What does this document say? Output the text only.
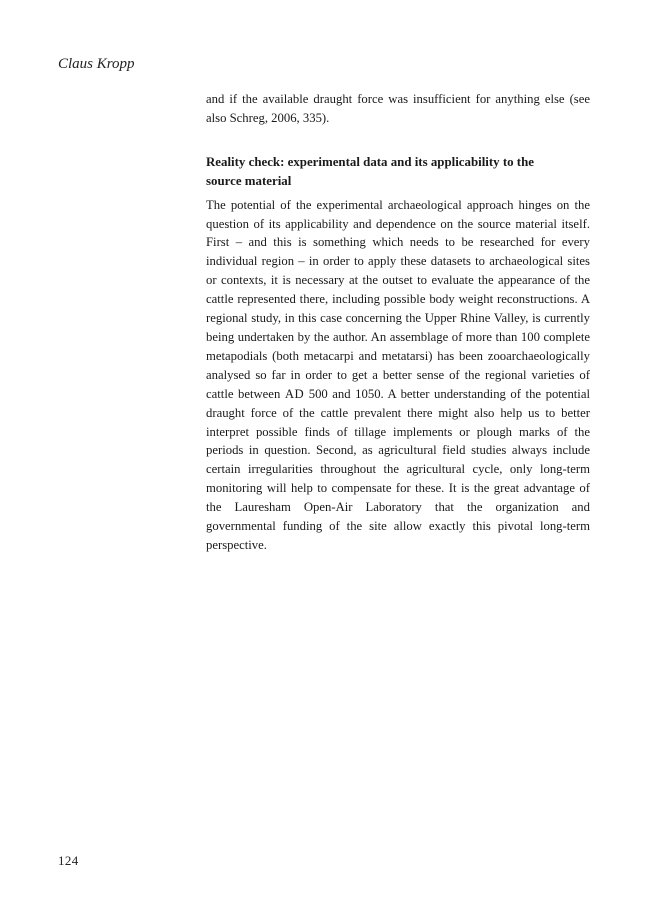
Claus Kropp

and if the available draught force was insufficient for anything else (see also Schreg, 2006, 335).

Reality check: experimental data and its applicability to the source material

The potential of the experimental archaeological approach hinges on the question of its applicability and dependence on the source material itself. First – and this is something which needs to be researched for every individual region – in order to apply these datasets to archaeological sites or contexts, it is necessary at the outset to evaluate the appearance of the cattle represented there, including possible body weight reconstructions. A regional study, in this case concerning the Upper Rhine Valley, is currently being undertaken by the author. An assemblage of more than 100 complete metapodials (both metacarpi and metatarsi) has been zooarchaeologically analysed so far in order to get a better sense of the regional varieties of cattle between AD 500 and 1050. A better understanding of the potential draught force of the cattle prevalent there might also help us to better interpret possible finds of tillage implements or plough marks of the periods in question. Second, as agricultural field studies always include certain irregularities throughout the agricultural cycle, only long-term monitoring will help to compensate for these. It is the great advantage of the Lauresham Open-Air Laboratory that the organization and governmental funding of the site allow exactly this pivotal long-term perspective.

124
